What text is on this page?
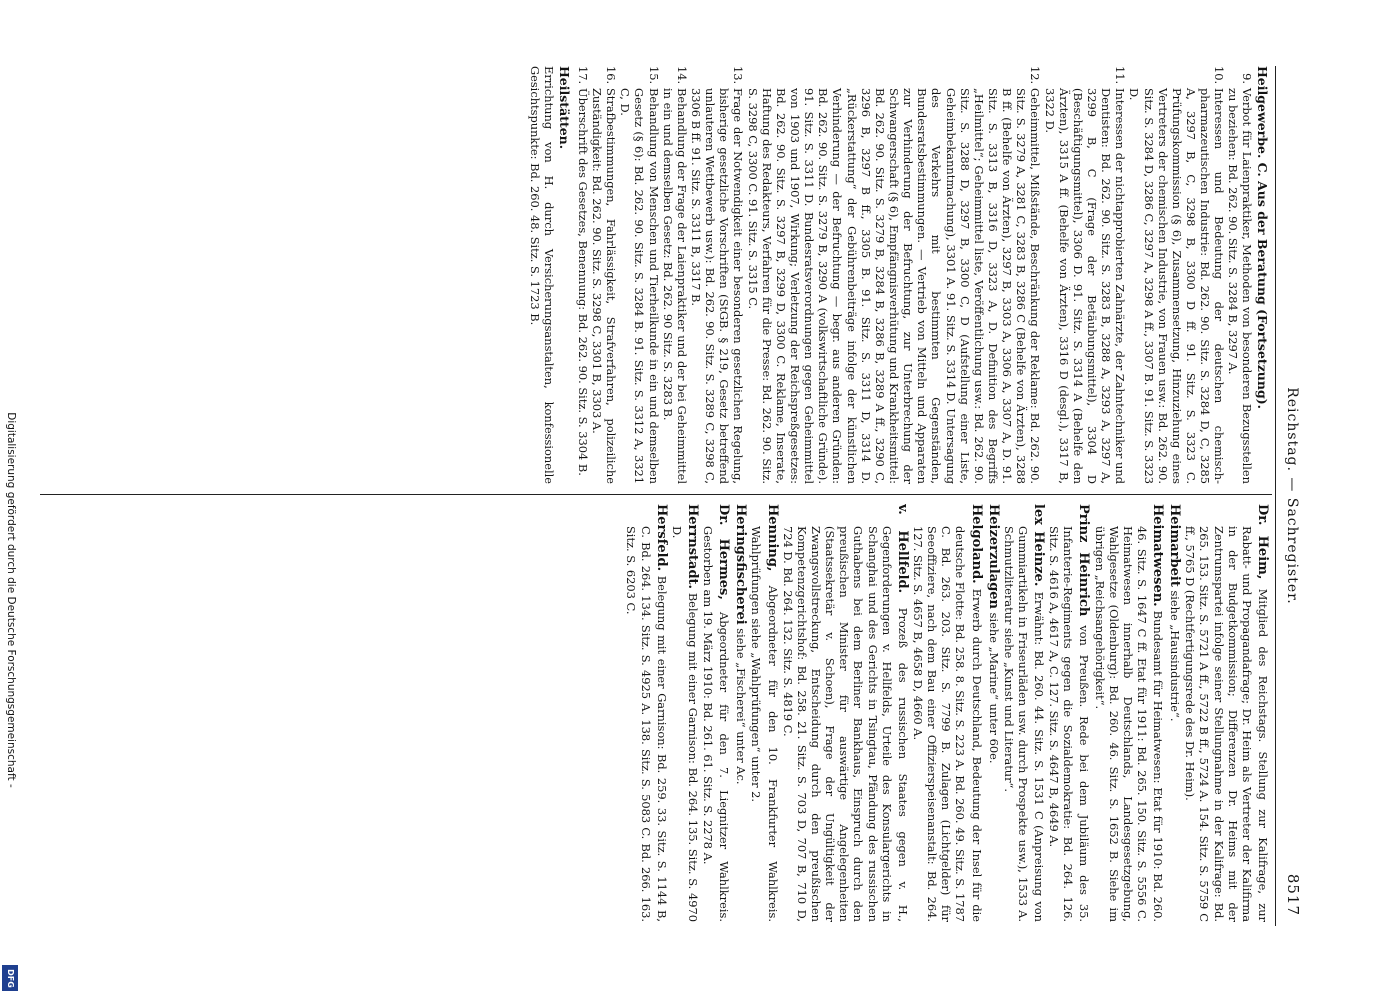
Digitalisierung gefördert durch die Deutsche Forschungsgemeinschaft -
DFG
Reichstag. — Sachregister.
8517

Heilgewerbe. C. Aus der Beratung (Fortsetzung).

9.
Verbot für Laienpraktiker, Methoden von besonderen Bezugsstellen zu beziehen: Bd. 262. 90. Sitz. S. 3284 B, 3297 A.
10.
Interessen und Bedeutung der deutschen chemisch-pharmazeutischen Industrie: Bd. 262. 90. Sitz. S. 3284 D, C, 3285 A, 3297 B, C, 3298 B, 3300 D ff. 91. Sitz. S. 3323 C. Prüfungskommission (§ 6), Zusammensetzung, Hinzuziehung eines Vertreters der chemischen Industrie, von Frauen usw.: Bd. 262. 90. Sitz. S. 3284 D, 3286 C, 3297 A, 3298 A ff., 3307 B. 91. Sitz. S. 3323 D.
11.
Interessen der nichtapprobierten Zahnärzte, der Zahntechniker und Dentisten: Bd. 262. 90. Sitz. S. 3283 B, 3288 A, 3293 A, 3297 A, 3299 B, C (Frage der Betäubungsmittel), 3304 D (Beschäftigungsmittel), 3306 D. 91. Sitz. S. 3314 A (Behelfe den Ärzten), 3315 A ff. (Behelfe von Ärzten), 3316 D (desgl.), 3317 B, 3322 D.
12.
Geheimmittel, Mißstände, Beschränkung der Reklame: Bd. 262. 90. Sitz. S. 3279 A, 3281 C, 3283 B, 3286 C (Behelfe von Ärzten), 3288 B ff. (Behelfe von Ärzten), 3297 B, 3303 A, 3306 A, 3307 A, D. 91. Sitz. S. 3313 B, 3316 D, 3323 A, D. Definition des Begriffs „Heilmittel“; Geheimmittel liste, Veröffentlichung usw.: Bd. 262. 90. Sitz. S. 3288 D, 3297 B, 3300 C, D (Aufstellung einer Liste, Geheimbekanntmachung), 3301 A. 91. Sitz. S. 3314 D. Untersagung des Verkehrs mit bestimmten Gegenständen, Bundesratsbestimmungen. — Vertrieb von Mitteln und Apparaten zur Verhinderung der Befruchtung, zur Unterbrechung der Schwangerschaft (§ 6), Empfängnisverhütung und Krankheitsmittel: Bd. 262. 90. Sitz. S. 3279 B, 3284 B, 3286 B, 3289 A ff., 3290 C, 3296 B, 3297 B ff., 3305 B. 91. Sitz. S. 3311 D, 3314 D. „Rückerstattung“ der Gebührenbeiträge infolge der künstlichen Verhinderung — der Befruchtung — begr. aus anderen Gründen: Bd. 262. 90. Sitz. S. 3279 B, 3290 A (volkswirtschaftliche Gründe). 91. Sitz. S. 3311 D. Bundesratsverordnungen gegen Geheimmittel von 1903 und 1907, Wirkung; Verletzung der Reichspreßgesetzes: Bd. 262. 90. Sitz. S. 3297 B, 3299 D, 3300 C. Reklame, Inserate, Haftung des Redakteurs, Verfahren für die Presse: Bd. 262. 90. Sitz. S. 3298 C, 3300 C. 91. Sitz. S. 3315 C.
13.
Frage der Notwendigkeit einer besonderen gesetzlichen Regelung, bisherige gesetzliche Vorschriften (StGB. § 219, Gesetz betreffend unlauteren Wettbewerb usw.): Bd. 262. 90. Sitz. S. 3289 C, 3298 C, 3306 B ff. 91. Sitz. S. 3311 B, 3317 B.
14.
Behandlung der Frage der Laienpraktiker und der bei Geheimmittel in ein und demselben Gesetz: Bd. 262. 90 Sitz. S. 3283 B.
15.
Behandlung von Menschen und Tierheilkunde in ein und demselben Gesetz (§ 6): Bd. 262. 90. Sitz. S. 3284 B. 91. Sitz. S. 3312 A, 3321 C, D.
16.
Strafbestimmungen, Fahrlässigkeit, Strafverfahren, polizeiliche Zuständigkeit: Bd. 262. 90. Sitz. S. 3298 C, 3301 B, 3303 A.
17.
Überschrift des Gesetzes, Benennung: Bd. 262. 90. Sitz. S. 3304 B.

Heilstätten.

Errichtung von H. durch Versicherungsanstalten, konfessionelle Gesichtspunkte: Bd. 260. 48. Sitz. S. 1723 B.

Dr. Heim, Mitglied des Reichstags. Stellung zur Kalifrage, zur Rabatt- und Propagandafrage; Dr. Heim als Vertreter der Kalifirma in der Budgetkommission; Differenzen Dr. Heims mit der Zentrumspartei infolge seiner Stellungnahme in der Kalifrage: Bd. 265. 153. Sitz. S. 5721 A ff., 5722 B ff., 5724 A. 154. Sitz. S. 5759 C ff., 5765 D (Rechtfertigungsrede des Dr. Heim).

Heimarbeit siehe „Hausindustrie“.

Heimatwesen. Bundesamt für Heimatwesen: Etat für 1910: Bd. 260. 46. Sitz. S. 1647 C ff. Etat für 1911: Bd. 265. 150. Sitz. S. 5556 C. Heimatwesen innerhalb Deutschlands, Landesgesetzgebung, Wahlgesetze (Oldenburg): Bd. 260. 46. Sitz. S. 1652 B. Siehe im übrigen „Reichsangehörigkeit“.

Prinz Heinrich von Preußen. Rede bei dem Jubiläum des 35. Infanterie-Regiments gegen die Sozialdemokratie: Bd. 264. 126. Sitz. S. 4616 A, 4617 A, C. 127. Sitz. S. 4647 B, 4649 A.

lex Heinze. Erwähnt: Bd. 260. 44. Sitz. S. 1531 C (Anpreisung von Gummiartikeln in Friseurläden usw. durch Prospekte usw.), 1533 A. Schmutzliteratur siehe „Kunst und Literatur“.

Heizerzulagen siehe „Marine“ unter 60e.

Helgoland. Erwerb durch Deutschland, Bedeutung der Insel für die deutsche Flotte: Bd. 258. 8. Sitz. S. 223 A. Bd. 260. 49. Sitz. S. 1787 C. Bd. 263. 203. Sitz. S. 7799 B. Zulagen (Lichtgelder) für Seeoffiziere, nach dem Bau einer Offizierspeisenanstalt: Bd. 264. 127. Sitz. S. 4657 B, 4658 D, 4660 A.

v. Hellfeld. Prozeß des russischen Staates gegen v. H., Gegenforderungen v. Hellfelds, Urteile des Konsulargerichts in Schanghai und des Gerichts in Tsingtau, Pfändung des russischen Guthabens bei dem Berliner Bankhaus, Einspruch durch den preußischen Minister für auswärtige Angelegenheiten (Staatssekretär v. Schoen), Frage der Ungültigkeit der Zwangsvollstreckung, Entscheidung durch den preußischen Kompetenzgerichtshof: Bd. 258. 21. Sitz. S. 703 D, 707 B, 710 D, 724 D. Bd. 264. 132. Sitz. S. 4819 C.

Henning, Abgeordneter für den 10. Frankfurter Wahlkreis. Wahlprüfungen siehe „Wahlprüfungen“ unter 2.

Heringsfischerei siehe „Fischerei“ unter Ac.

Dr. Hermes, Abgeordneter für den 7. Liegnitzer Wahlkreis. Gestorben am 19. März 1910: Bd. 261. 61. Sitz. S. 2278 A.

Herrnstadt. Belegung mit einer Garnison: Bd. 264. 135. Sitz. S. 4970 D.

Hersfeld. Belegung mit einer Garnison: Bd. 259. 33. Sitz. S. 1144 B, C. Bd. 264. 134. Sitz. S. 4925 A. 138. Sitz. S. 5083 C. Bd. 266. 163. Sitz. S. 6203 C.
